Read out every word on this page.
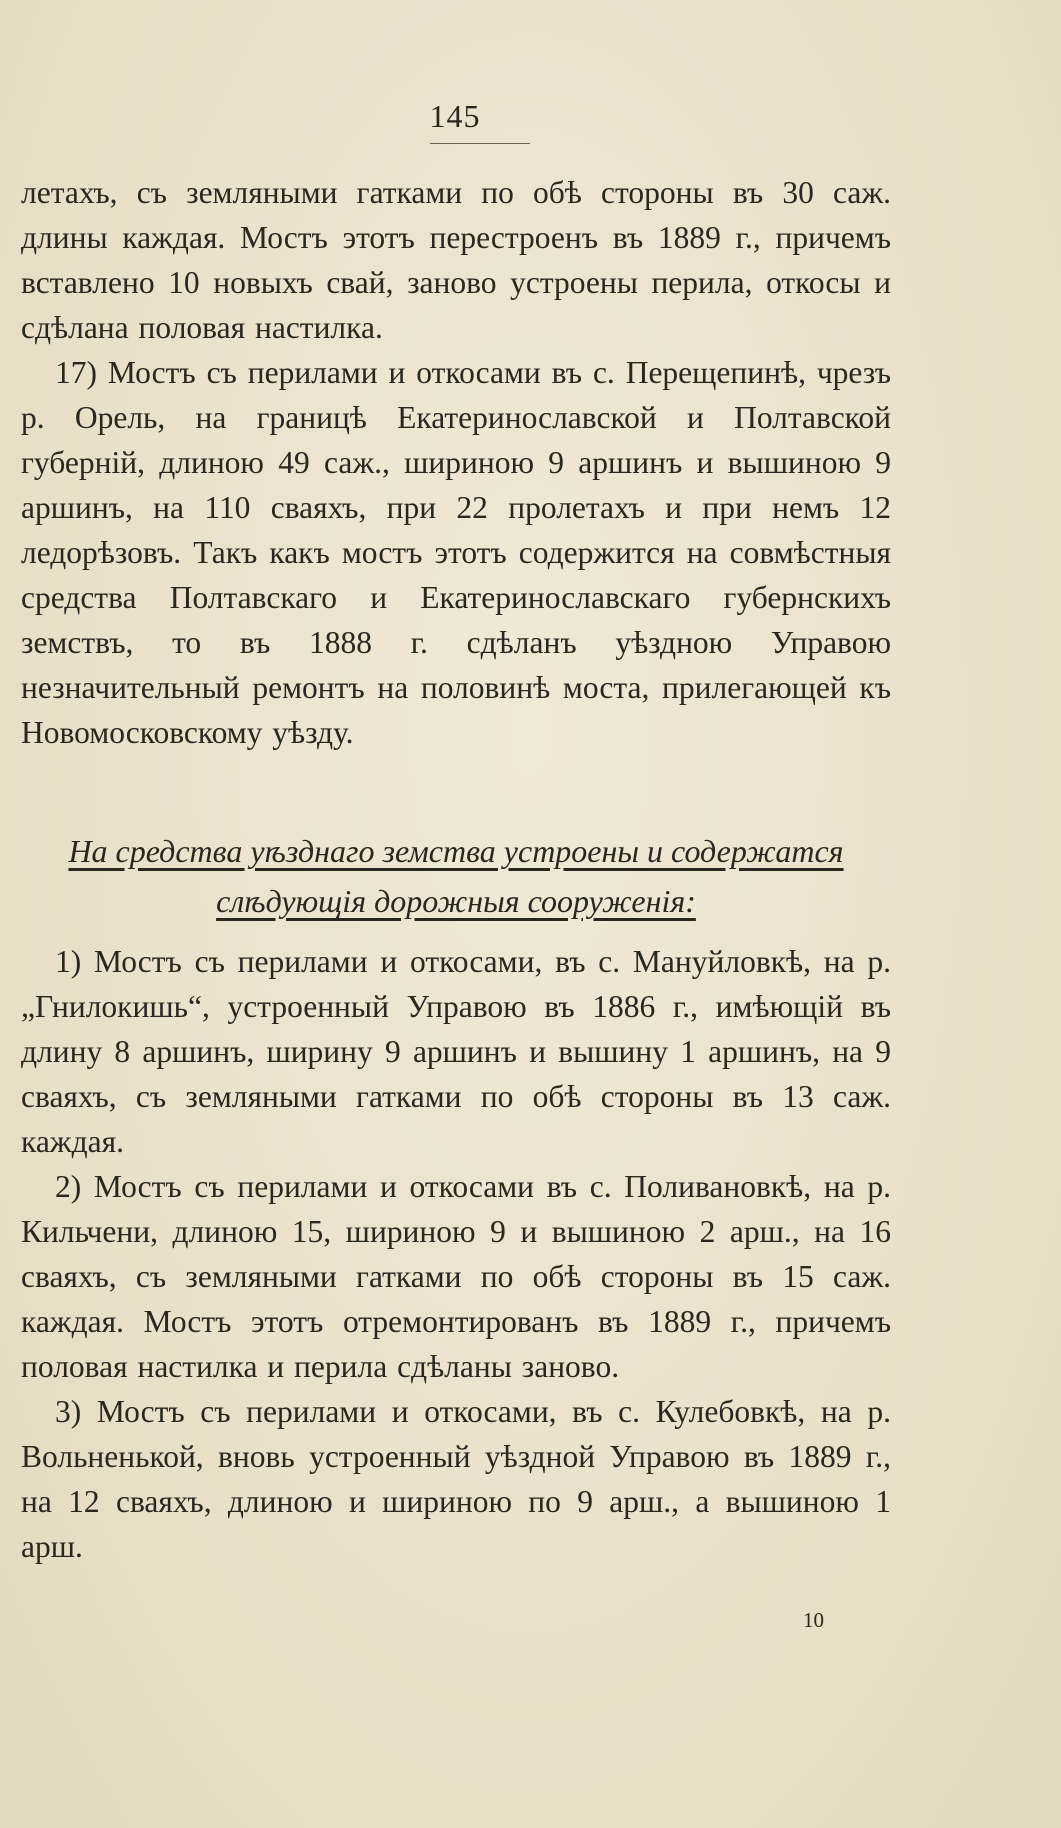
145

летахъ, съ земляными гатками по обѣ стороны въ 30 саж. длины каждая. Мостъ этотъ перестроенъ въ 1889 г., причемъ вставлено 10 новыхъ свай, заново устроены перила, откосы и сдѣлана половая настилка.

17) Мостъ съ перилами и откосами въ с. Перещепинѣ, чрезъ р. Орель, на границѣ Екатеринославской и Полтавской губерній, длиною 49 саж., шириною 9 аршинъ и вышиною 9 аршинъ, на 110 сваяхъ, при 22 пролетахъ и при немъ 12 ледорѣзовъ. Такъ какъ мостъ этотъ содержится на совмѣстныя средства Полтавскаго и Екатеринославскаго губернскихъ земствъ, то въ 1888 г. сдѣланъ уѣздною Управою незначительный ремонтъ на половинѣ моста, прилегающей къ Новомосковскому уѣзду.

На средства уѣзднаго земства устроены и содержатся
слѣдующія дорожныя сооруженія:

1) Мостъ съ перилами и откосами, въ с. Мануйловкѣ, на р. „Гнилокишь“, устроенный Управою въ 1886 г., имѣющій въ длину 8 аршинъ, ширину 9 аршинъ и вышину 1 аршинъ, на 9 сваяхъ, съ земляными гатками по обѣ стороны въ 13 саж. каждая.

2) Мостъ съ перилами и откосами въ с. Поливановкѣ, на р. Кильчени, длиною 15, шириною 9 и вышиною 2 арш., на 16 сваяхъ, съ земляными гатками по обѣ стороны въ 15 саж. каждая. Мостъ этотъ отремонтированъ въ 1889 г., причемъ половая настилка и перила сдѣланы заново.

3) Мостъ съ перилами и откосами, въ с. Кулебовкѣ, на р. Вольненькой, вновь устроенный уѣздной Управою въ 1889 г., на 12 сваяхъ, длиною и шириною по 9 арш., а вышиною 1 арш.

10
